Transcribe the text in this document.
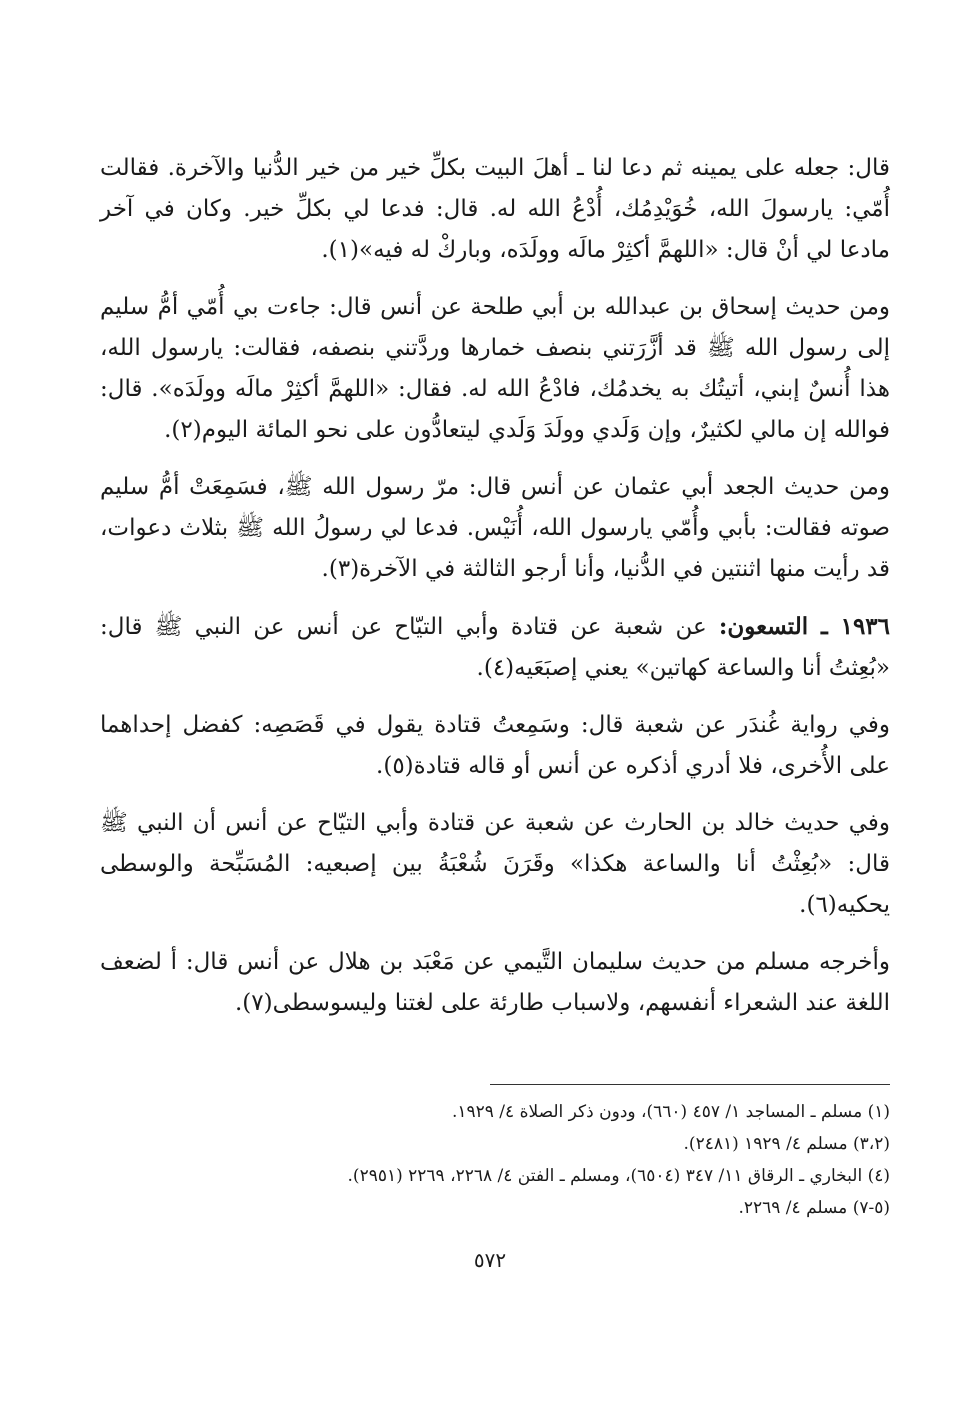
قال: جعله على يمينه ثم دعا لنا ـ أهلَ البيت بكلِّ خير من خير الدُّنيا والآخرة. فقالت أُمّي: يارسولَ الله، خُوَيْدِمُك، أُدْعُ الله له. قال: فدعا لي بكلِّ خير. وكان في آخر مادعا لي أنْ قال: «اللهمَّ أكثِرْ مالَه وولَدَه، وباركْ له فيه»(١).

ومن حديث إسحاق بن عبدالله بن أبي طلحة عن أنس قال: جاءت بي أُمّي أمُّ سليم إلى رسول الله ﷺ قد أزَّرَتني بنصف خمارها وردَّتني بنصفه، فقالت: يارسول الله، هذا أُنسٌ إبني، أتيتُك به يخدمُك، فادْعُ الله له. فقال: «اللهمَّ أكثِرْ مالَه وولَدَه». قال: فوالله إن مالي لكثيرٌ، وإن وَلَدي وولَدَ وَلَدي ليتعادُّون على نحو المائة اليوم(٢).

ومن حديث الجعد أبي عثمان عن أنس قال: مرّ رسول الله ﷺ، فسَمِعَتْ أمُّ سليم صوته فقالت: بأبي وأُمّي يارسول الله، أُنَيْس. فدعا لي رسولُ الله ﷺ بثلاث دعوات، قد رأيت منها اثنتين في الدُّنيا، وأنا أرجو الثالثة في الآخرة(٣).

١٩٣٦ ـ التسعون: عن شعبة عن قتادة وأبي التيّاح عن أنس عن النبي ﷺ قال: «بُعِثتُ أنا والساعة كهاتين» يعني إصبَعَيه(٤).

وفي رواية غُندَر عن شعبة قال: وسَمِعتُ قتادة يقول في قَصَصِه: كفضل إحداهما على الأُخرى، فلا أدري أذكره عن أنس أو قاله قتادة(٥).

وفي حديث خالد بن الحارث عن شعبة عن قتادة وأبي التيّاح عن أنس أن النبي ﷺ قال: «بُعِثْتُ أنا والساعة هكذا» وقَرَنَ شُعْبَةُ بين إصبعيه: المُسَبِّحة والوسطى يحكيه(٦).

وأخرجه مسلم من حديث سليمان التَّيمي عن مَعْبَد بن هلال عن أنس قال: أ لضعف اللغة عند الشعراء أنفسهم، ولاسباب طارئة على لغتنا وليسوسطى(٧).

(١) مسلم ـ المساجد ١/ ٤٥٧ (٦٦٠)، ودون ذكر الصلاة ٤/ ١٩٢٩.

(٣،٢) مسلم ٤/ ١٩٢٩ (٢٤٨١).

(٤) البخاري ـ الرقاق ١١/ ٣٤٧ (٦٥٠٤)، ومسلم ـ الفتن ٤/ ٢٢٦٨، ٢٢٦٩ (٢٩٥١).

(٥-٧) مسلم ٤/ ٢٢٦٩.

٥٧٢
